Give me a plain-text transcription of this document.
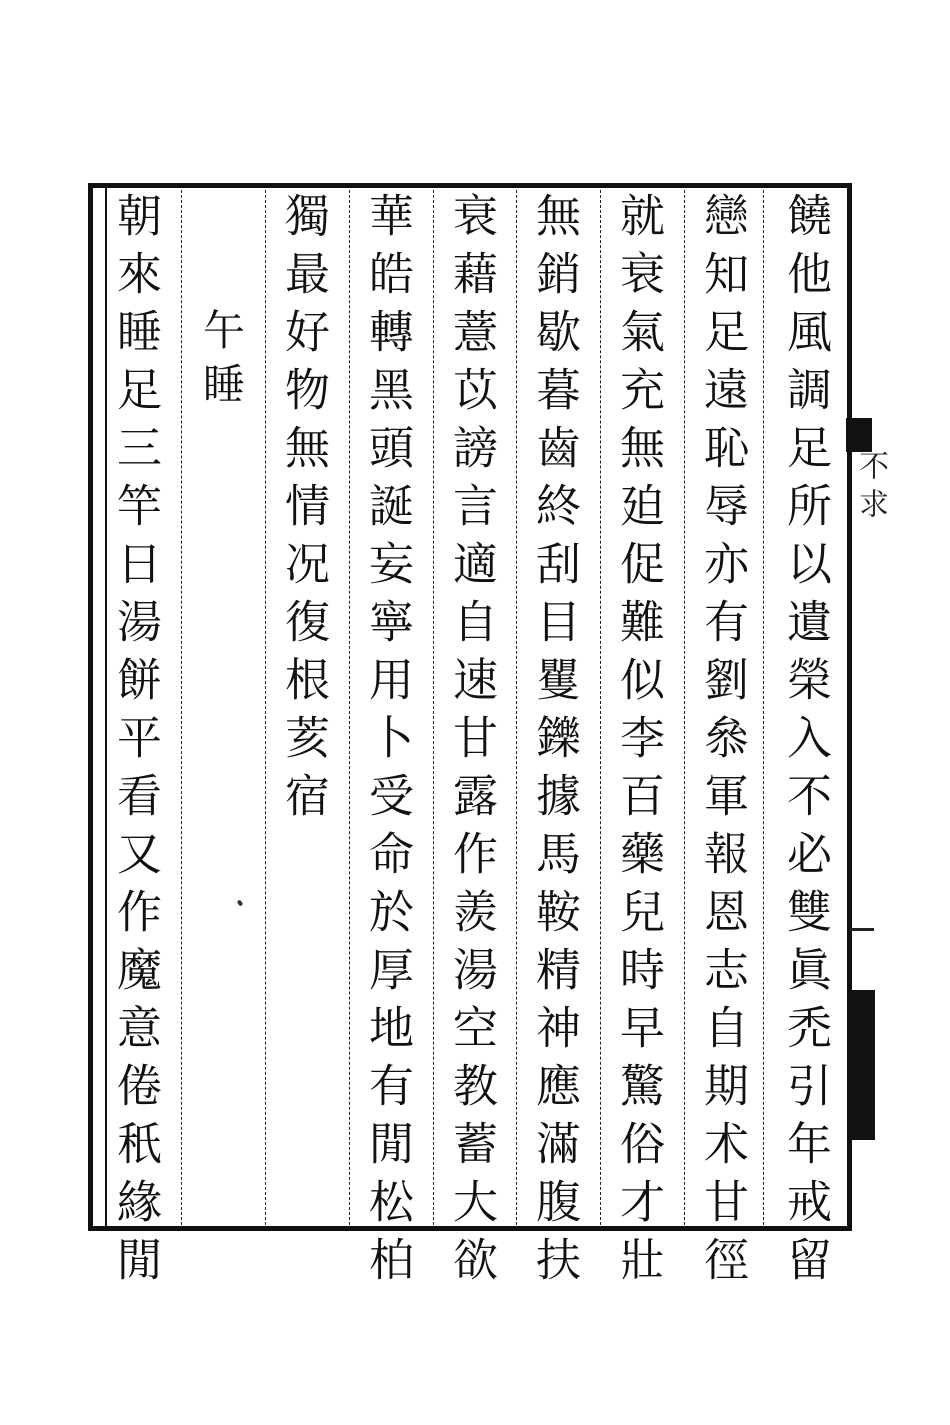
饒他風調足所以遺榮入不必雙眞禿引年戒留
戀知足遠恥辱亦有劉叅軍報恩志自期术甘徑
就衰氣充無廹促難似李百藥兒時早驚俗才壯
無銷歇暮齒終刮目矍鑠據馬鞍精神應滿腹扶
衰藉薏苡謗言適自速甘露作羨湯空教蓄大欲
華皓轉黑頭誕妄寧用卜受命於厚地有閒松柏
獨最好物無情况復根荄宿
午睡
朝來睡足三竿日湯餅平看又作魔意倦秖緣閒	不求
